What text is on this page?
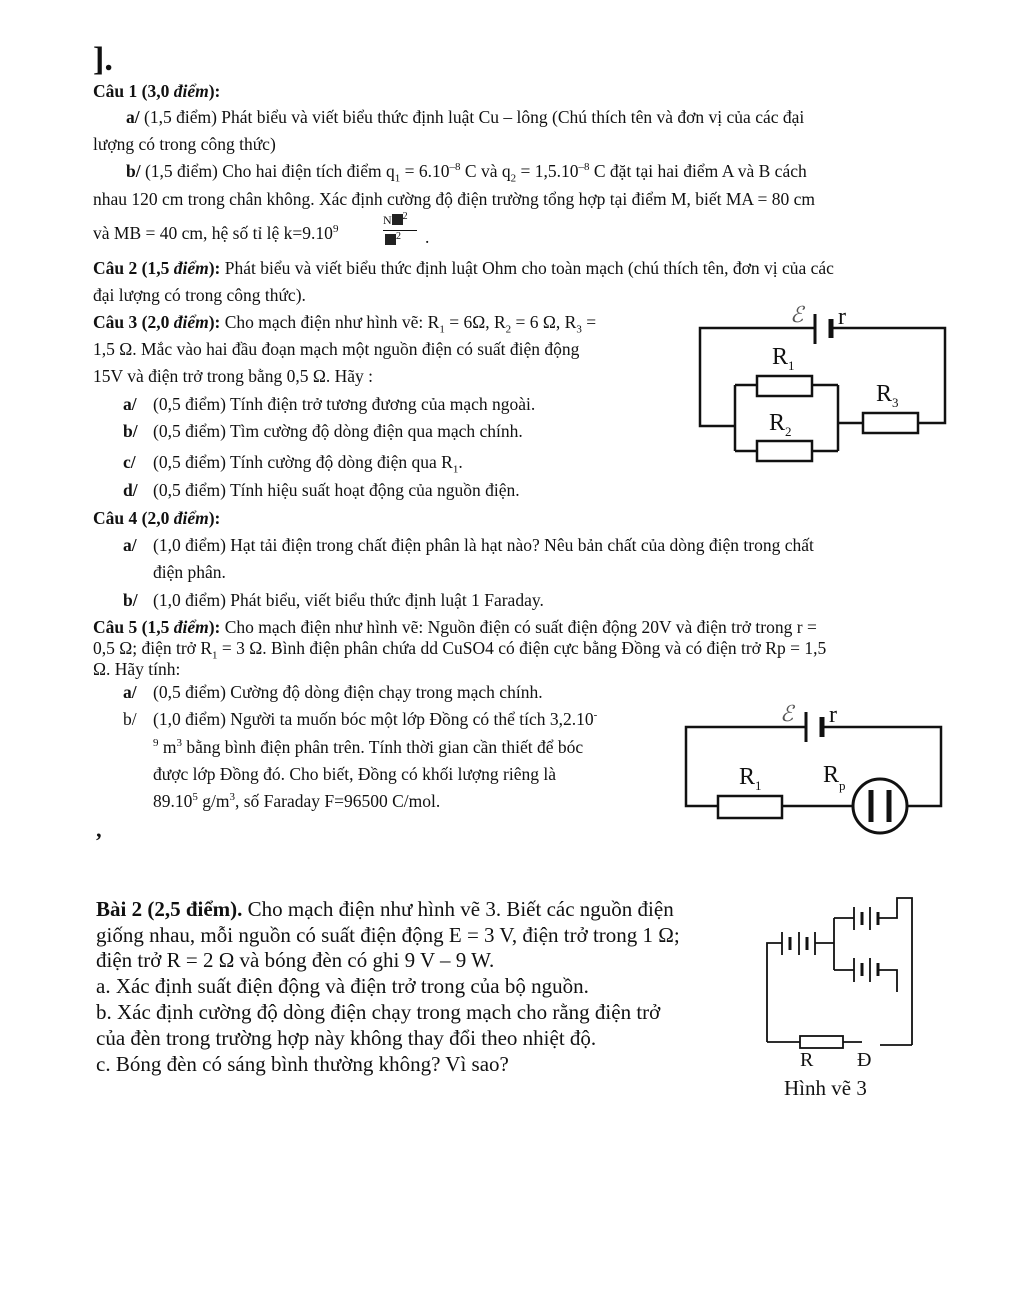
].
Câu 1 (3,0 điểm):
a/ (1,5 điểm) Phát biểu và viết biểu thức định luật Cu – lông (Chú thích tên và đơn vị của các đại
lượng có trong công thức)
b/ (1,5 điểm) Cho hai điện tích điểm $q_1 = 6.10^{-8}$ C và $q_2 = 1,5.10^{-8}$ C đặt tại hai điểm A và B cách
nhau 120 cm trong chân không. Xác định cường độ điện trường tổng hợp tại điểm M, biết MA = 80 cm
và MB = 40 cm, hệ số tỉ lệ $k=9.10^9$
N $^2$
$^2$ .
Câu 2 (1,5 điểm): Phát biểu và viết biểu thức định luật Ohm cho toàn mạch (chú thích tên, đơn vị của các
đại lượng có trong công thức).
Câu 3 (2,0 điểm): Cho mạch điện như hình vẽ: $R_1 = 6\Omega$, $R_2 = 6$ Ω, $R_3$ =
1,5 Ω. Mắc vào hai đầu đoạn mạch một nguồn điện có suất điện động
15V và điện trở trong bằng 0,5 Ω. Hãy :
a/ (0,5 điểm) Tính điện trở tương đương của mạch ngoài.
b/ (0,5 điểm) Tìm cường độ dòng điện qua mạch chính.
c/ (0,5 điểm) Tính cường độ dòng điện qua $R_1$.
d/ (0,5 điểm) Tính hiệu suất hoạt động của nguồn điện.
ℰ r
$R_1$
$R_2$
$R_3$
Câu 4 (2,0 điểm):
a/ (1,0 điểm) Hạt tải điện trong chất điện phân là hạt nào? Nêu bản chất của dòng điện trong chất
điện phân.
b/ (1,0 điểm) Phát biểu, viết biểu thức định luật 1 Faraday.
Câu 5 (1,5 điểm): Cho mạch điện như hình vẽ: Nguồn điện có suất điện động 20V và điện trở trong r =
0,5 Ω; điện trở $R_1 = 3$ Ω. Bình điện phân chứa dd CuSO4 có điện cực bằng Đồng và có điện trở Rp = 1,5
Ω. Hãy tính:
a/ (0,5 điểm) Cường độ dòng điện chạy trong mạch chính.
b/ (1,0 điểm) Người ta muốn bóc một lớp Đồng có thể tích 3,2.10-
$^9$ $m^3$ bằng bình điện phân trên. Tính thời gian cần thiết để bóc
được lớp Đồng đó. Cho biết, Đồng có khối lượng riêng là
89.10$^5$ $g/m^3$, số Faraday F=96500 C/mol.
ℰ r
$R_1$	$R_p$
’
Bài 2 (2,5 điểm). Cho mạch điện như hình vẽ 3. Biết các nguồn điện
giống nhau, mỗi nguồn có suất điện động E = 3 V, điện trở trong 1 Ω;
điện trở R = 2 Ω và bóng đèn có ghi 9 V – 9 W.
a. Xác định suất điện động và điện trở trong của bộ nguồn.
b. Xác định cường độ dòng điện chạy trong mạch cho rằng điện trở
của đèn trong trường hợp này không thay đổi theo nhiệt độ.
c. Bóng đèn có sáng bình thường không? Vì sao?	R Đ
Hình vẽ 3
